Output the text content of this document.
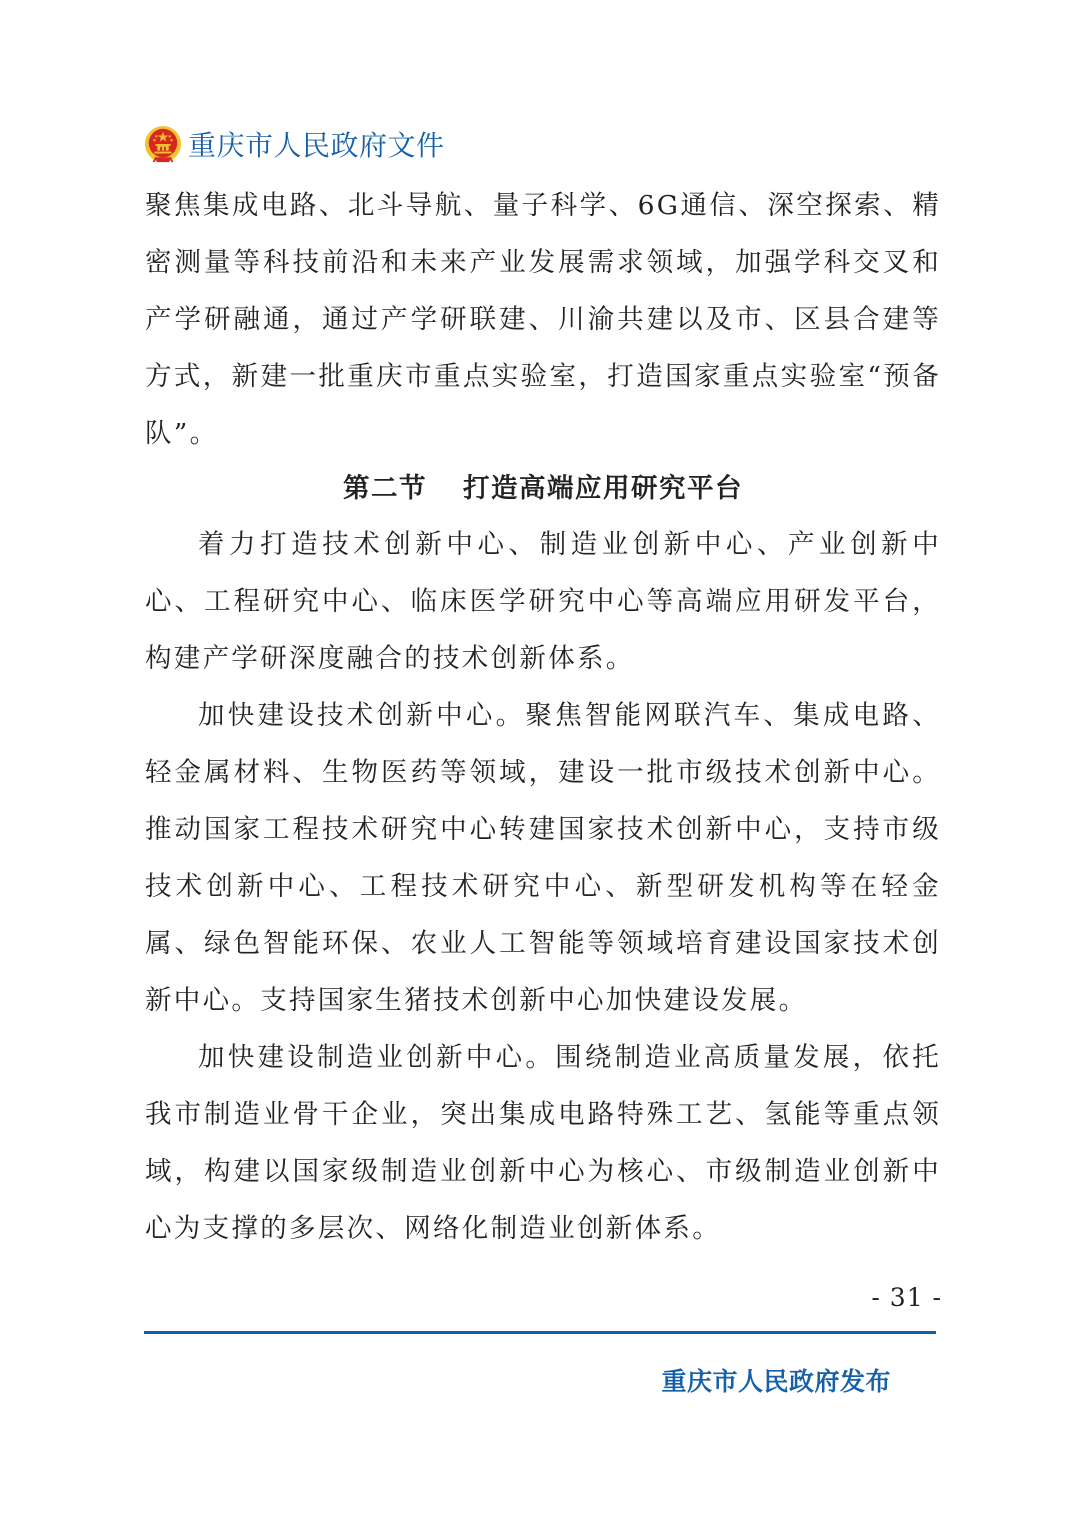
重庆市人民政府文件

聚焦集成电路、北斗导航、量子科学、6G通信、深空探索、精密测量等科技前沿和未来产业发展需求领域，加强学科交叉和产学研融通，通过产学研联建、川渝共建以及市、区县合建等方式，新建一批重庆市重点实验室，打造国家重点实验室“预备队”。

第二节 打造高端应用研究平台

着力打造技术创新中心、制造业创新中心、产业创新中心、工程研究中心、临床医学研究中心等高端应用研发平台，构建产学研深度融合的技术创新体系。

加快建设技术创新中心。聚焦智能网联汽车、集成电路、轻金属材料、生物医药等领域，建设一批市级技术创新中心。推动国家工程技术研究中心转建国家技术创新中心，支持市级技术创新中心、工程技术研究中心、新型研发机构等在轻金属、绿色智能环保、农业人工智能等领域培育建设国家技术创新中心。支持国家生猪技术创新中心加快建设发展。

加快建设制造业创新中心。围绕制造业高质量发展，依托我市制造业骨干企业，突出集成电路特殊工艺、氢能等重点领域，构建以国家级制造业创新中心为核心、市级制造业创新中心为支撑的多层次、网络化制造业创新体系。

- 31 -
重庆市人民政府发布
